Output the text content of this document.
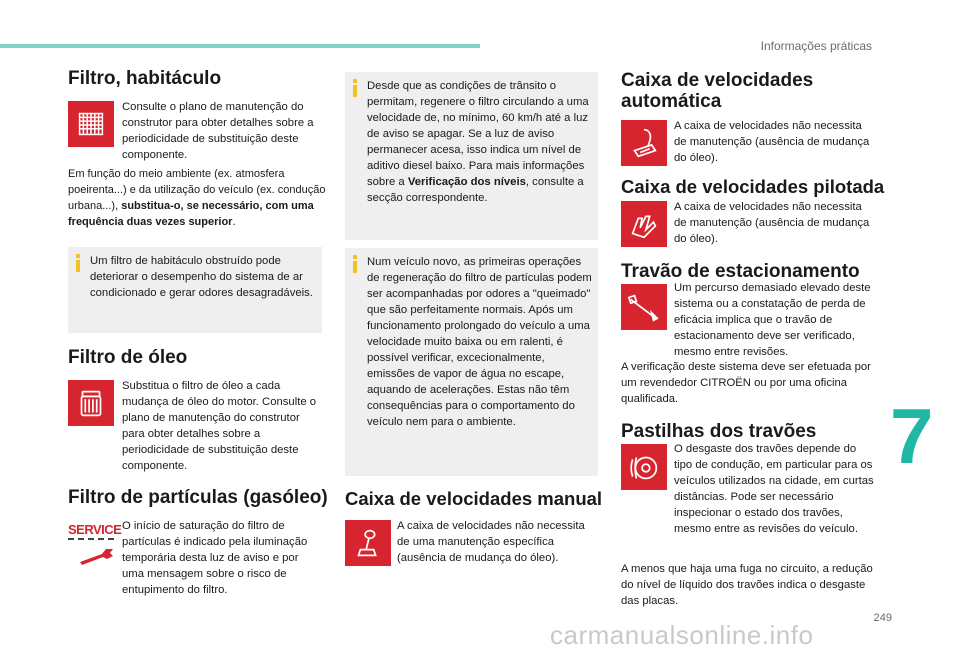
Informações práticas
7
249
Filtro, habitáculo

Consulte o plano de manutenção do construtor para obter detalhes sobre a periodicidade de substituição deste componente.

Em função do meio ambiente (ex. atmosfera poeirenta...) e da utilização do veículo (ex. condução urbana...), substitua-o, se necessário, com uma frequência duas vezes superior.

Um filtro de habitáculo obstruído pode deteriorar o desempenho do sistema de ar condicionado e gerar odores desagradáveis.

Filtro de óleo

Substitua o filtro de óleo a cada mudança de óleo do motor. Consulte o plano de manutenção do construtor para obter detalhes sobre a periodicidade de substituição deste componente.

Filtro de partículas (gasóleo)
SERVICE O início de saturação do filtro de partículas é indicado pela iluminação temporária desta luz de aviso e por uma mensagem sobre o risco de entupimento do filtro.

Desde que as condições de trânsito o permitam, regenere o filtro circulando a uma velocidade de, no mínimo, 60 km/h até a luz de aviso se apagar. Se a luz de aviso permanecer acesa, isso indica um nível de aditivo diesel baixo. Para mais informações sobre a Verificação dos níveis, consulte a secção correspondente.

Num veículo novo, as primeiras operações de regeneração do filtro de partículas podem ser acompanhadas por odores a "queimado" que são perfeitamente normais. Após um funcionamento prolongado do veículo a uma velocidade muito baixa ou em ralenti, é possível verificar, excecionalmente, emissões de vapor de água no escape, aquando de acelerações. Estas não têm consequências para o comportamento do veículo nem para o ambiente.

Caixa de velocidades manual

A caixa de velocidades não necessita de uma manutenção específica (ausência de mudança do óleo).

Caixa de velocidades
automática

A caixa de velocidades não necessita de manutenção (ausência de mudança do óleo).

Caixa de velocidades pilotada

A caixa de velocidades não necessita de manutenção (ausência de mudança do óleo).

Travão de estacionamento

Um percurso demasiado elevado deste sistema ou a constatação de perda de eficácia implica que o travão de estacionamento deve ser verificado, mesmo entre revisões.

A verificação deste sistema deve ser efetuada por um revendedor CITROËN ou por uma oficina qualificada.

Pastilhas dos travões

O desgaste dos travões depende do tipo de condução, em particular para os veículos utilizados na cidade, em curtas distâncias. Pode ser necessário inspecionar o estado dos travões, mesmo entre as revisões do veículo.

A menos que haja uma fuga no circuito, a redução do nível de líquido dos travões indica o desgaste das placas.

carmanualsonline.info
